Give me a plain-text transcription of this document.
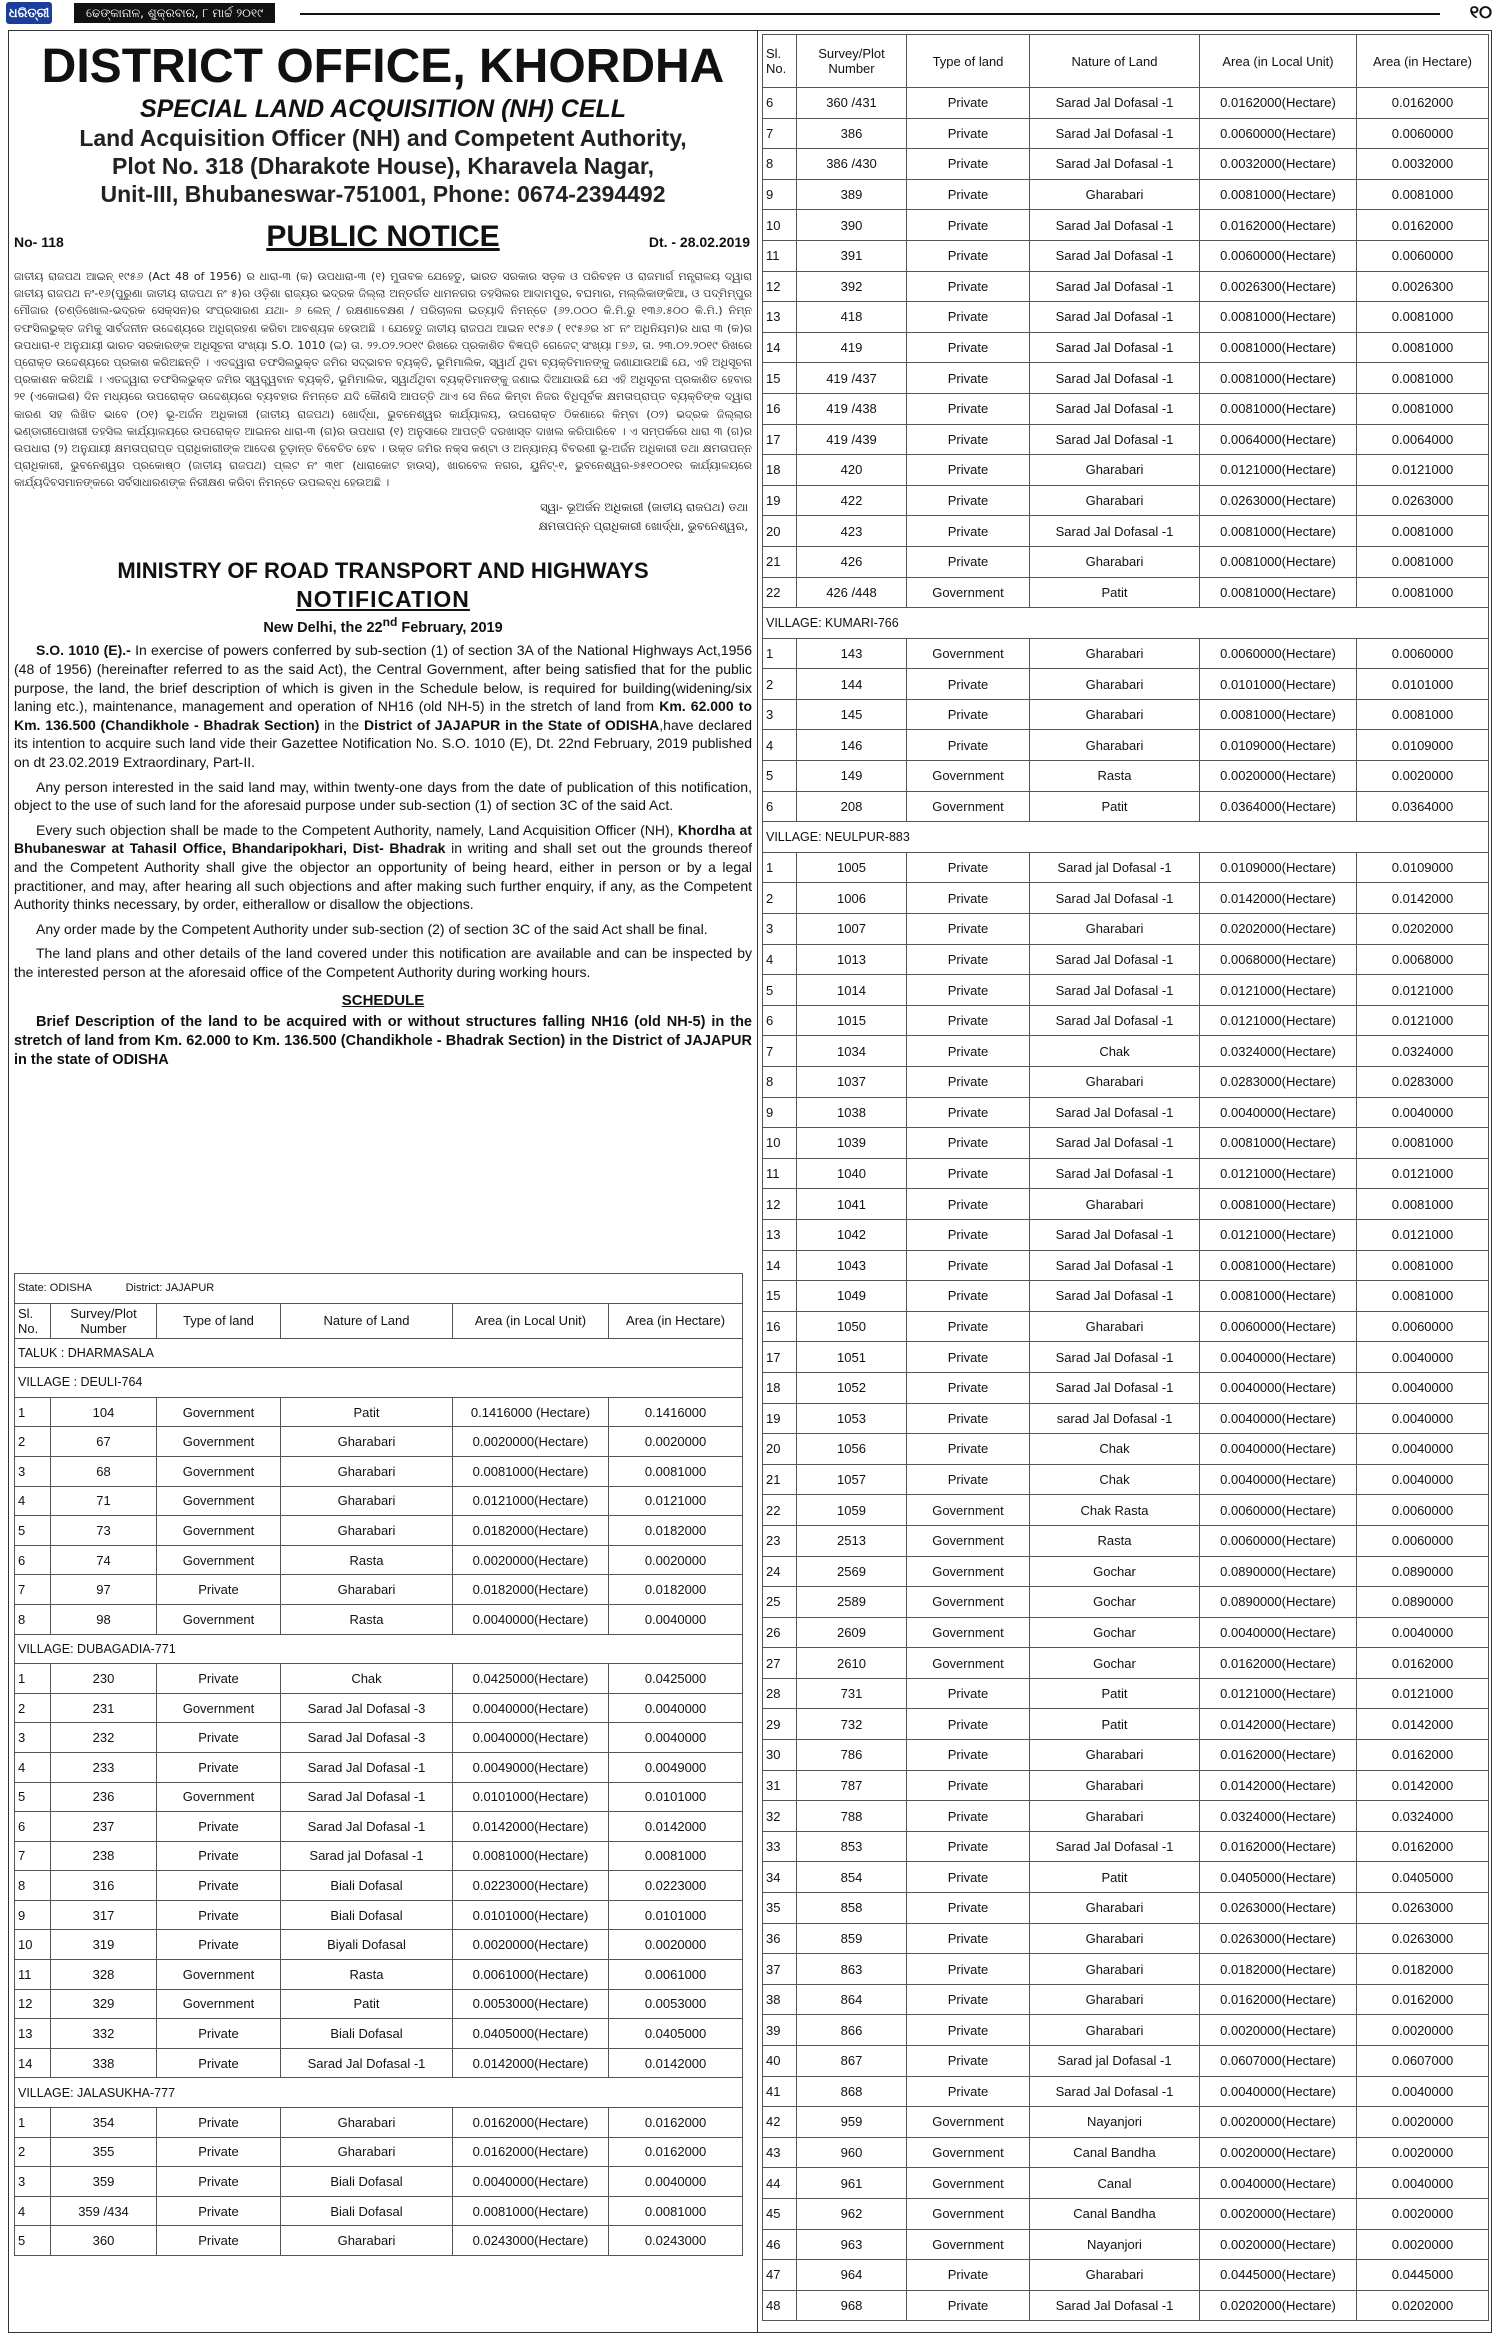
ଧରିତ୍ରୀ	ଢେଙ୍କାନାଳ, ଶୁକ୍ରବାର, ୮ ମାର୍ଚ୍ଚ ୨୦୧୯	୧୦
DISTRICT OFFICE, KHORDHA
SPECIAL LAND ACQUISITION (NH) CELL
Land Acquisition Officer (NH) and Competent Authority,
Plot No. 318 (Dharakote House), Kharavela Nagar,
Unit-III, Bhubaneswar-751001, Phone: 0674-2394492
No- 118	PUBLIC NOTICE	Dt. - 28.02.2019
ଜାତୀୟ ରାଜପଥ ଆଇନ୍ ୧୯୫୬ (Act 48 of 1956) ର ଧାରା-୩ (କ) ଉପଧାରା-୩ (୧) ମୁତାବକ ଯେହେତୁ, ଭାରତ ସରକାର ସଡ଼କ ଓ ପରିବହନ ଓ ରାଜମାର୍ଗ ମନ୍ତ୍ରାଳୟ ଦ୍ୱାରା ଜାତୀୟ ରାଜପଥ ନଂ-୧୬(ପୁରୁଣା ଜାତୀୟ ରାଜପଥ ନଂ ୫)ର ଓଡ଼ିଶା ରାଜ୍ୟର ଭଦ୍ରକ ଜିଲ୍ଲା ଅନ୍ତର୍ଗତ ଧାମନଗର ତହସିଲର ଆଦାମପୁର, ବଘମାର, ମଲ୍ଲିକାଙ୍କିଆ, ଓ ପଦ୍ମିମ୍ପୁର ମୌଜାର (ଚଣ୍ଡିଖୋଲ-ଭଦ୍ରକ ସେକ୍ସନ)ର ସଂପ୍ରସାରଣ ଯଥା- ୬ ଲେନ୍ / ରକ୍ଷଣାବେକ୍ଷଣ / ପରିଚାଳନା ଇତ୍ୟାଦି ନିମନ୍ତେ (୬୨.୦୦୦ କି.ମି.ରୁ ୧୩୬.୫୦୦ କି.ମି.) ନିମ୍ନ ତଫସିଲଭୁକ୍ତ ଜମିକୁ ସାର୍ବଜନୀନ ଉଦ୍ଦେଶ୍ୟରେ ଅଧିଗ୍ରହଣ କରିବା ଆବଶ୍ୟକ ହେଉଅଛି । ଯେହେତୁ ଜାତୀୟ ରାଜପଥ ଆଇନ ୧୯୫୬ ( ୧୯୫୬ର ୪୮ ନଂ ଅଧିନିୟମ)ର ଧାରା ୩ (କ)ର ଉପଧାରା-୧ ଅନୁଯାୟୀ ଭାରତ ସରକାରଙ୍କ ଅଧିସୂଚନା ସଂଖ୍ୟା S.O. 1010 (ଇ) ତା. ୨୨.୦୨.୨୦୧୯ ରିଖରେ ପ୍ରକାଶିତ ବିଜ୍ଞପ୍ତି ଗେଜେଟ୍ ସଂଖ୍ୟା ୮୭୬, ତା. ୨୩.୦୨.୨୦୧୯ ରିଖରେ ପ୍ରୋକ୍ତ ଉଦ୍ଦେଶ୍ୟରେ ପ୍ରକାଶ କରିଅଛନ୍ତି । ଏତଦ୍ଦ୍ୱାରା ତଫସିଲଭୁକ୍ତ ଜମିର ସଦ୍ଭାବନ ବ୍ୟକ୍ତି, ଭୂମିମାଲିକ, ସ୍ୱାର୍ଥ ଥିବା ବ୍ୟକ୍ତିମାନଙ୍କୁ ଜଣାଯାଉଅଛି ଯେ, ଏହି ଅଧିସୂଚନା ପ୍ରକାଶନ କରିଅଛି । ଏତଦ୍ଦ୍ୱାରା ତଫସିଲଭୁକ୍ତ ଜମିର ସ୍ୱତ୍ତ୍ୱବାନ ବ୍ୟକ୍ତି, ଭୂମିମାଲିକ, ସ୍ୱାର୍ଥଥିବା ବ୍ୟକ୍ତିମାନଙ୍କୁ ଜଣାଇ ଦିଆଯାଉଛି ଯେ ଏହି ଅଧିସୂଚନା ପ୍ରକାଶିତ ହେବାର ୨୧ (ଏକୋଇଶ) ଦିନ ମଧ୍ୟରେ ଉପରୋକ୍ତ ଉଦ୍ଦେଶ୍ୟରେ ବ୍ୟବହାର ନିମନ୍ତେ ଯଦି କୌଣସି ଆପତ୍ତି ଥାଏ ସେ ନିଜେ କିମ୍ବା ନିଜର ବିଧିପୂର୍ବକ କ୍ଷମତାପ୍ରାପ୍ତ ବ୍ୟକ୍ତିଙ୍କ ଦ୍ୱାରା କାରଣ ସହ ଲିଖିତ ଭାବେ (୦୧) ଭୂ-ଅର୍ଜନ ଅଧିକାରୀ (ଜାତୀୟ ରାଜପଥ) ଖୋର୍ଦ୍ଧା, ଭୁବନେଶ୍ୱର କାର୍ଯ୍ୟାଳୟ, ଉପରୋକ୍ତ ଠିକଣାରେ କିମ୍ବା (୦୨) ଭଦ୍ରକ ଜିଲ୍ଲାର ଭଣ୍ଡାରୀପୋଖରୀ ତହସିଲ କାର୍ଯ୍ୟାଳୟରେ ଉପରୋକ୍ତ ଆଇନର ଧାରା-୩ (ଗ)ର ଉପଧାରା (୧) ଅନୁସାରେ ଆପତ୍ତି ଦରଖାସ୍ତ ଦାଖଲ କରିପାରିବେ । ଏ ସମ୍ପର୍କରେ ଧାରା ୩ (ଗ)ର ଉପଧାରା (୨) ଅନୁଯାୟୀ କ୍ଷମତାପ୍ରାପ୍ତ ପ୍ରାଧିକାରୀଙ୍କ ଆଦେଶ ଚୂଡ଼ାନ୍ତ ବିବେଚିତ ହେବ । ଉକ୍ତ ଜମିର ନକ୍ସ କଣ୍ଟା ଓ ଅନ୍ୟାନ୍ୟ ବିବରଣୀ ଭୂ-ଅର୍ଜନ ଅଧିକାରୀ ତଥା କ୍ଷମତାପନ୍ନ ପ୍ରାଧିକାରୀ, ଭୁବନେଶ୍ୱର ପ୍ରକୋଷ୍ଠ (ଜାତୀୟ ରାଜପଥ) ପ୍ଲଟ ନଂ ୩୧୮ (ଧାରାକୋଟ ହାଉସ୍), ଖାରବେଳ ନଗର, ୟୁନିଟ୍-୧, ଭୁବନେଶ୍ୱର-୭୫୧୦୦୧ର କାର୍ଯ୍ୟାଳୟରେ କାର୍ଯ୍ୟଦିବସମାନଙ୍କରେ ସର୍ବସାଧାରଣଙ୍କ ନିରୀକ୍ଷଣ କରିବା ନିମନ୍ତେ ଉପଲବ୍ଧ ହେଉଅଛି ।
ସ୍ୱା- ଭୂଅର୍ଜନ ଅଧିକାରୀ (ଜାତୀୟ ରାଜପଥ) ତଥା
କ୍ଷମତାପନ୍ନ ପ୍ରାଧିକାରୀ ଖୋର୍ଦ୍ଧା, ଭୁବନେଶ୍ୱର,
MINISTRY OF ROAD TRANSPORT AND HIGHWAYS
NOTIFICATION
New Delhi, the 22nd February, 2019
S.O. 1010 (E).- In exercise of powers conferred by sub-section (1) of section 3A of the National Highways Act,1956 (48 of 1956) (hereinafter referred to as the said Act), the Central Government, after being satisfied that for the public purpose, the land, the brief description of which is given in the Schedule below, is required for building(widening/six laning etc.), maintenance, management and operation of NH16 (old NH-5) in the stretch of land from Km. 62.000 to Km. 136.500 (Chandikhole - Bhadrak Section) in the District of JAJAPUR in the State of ODISHA,have declared its intention to acquire such land vide their Gazettee Notification No. S.O. 1010 (E), Dt. 22nd February, 2019 published on dt 23.02.2019 Extraordinary, Part-II.
Any person interested in the said land may, within twenty-one days from the date of publication of this notification, object to the use of such land for the aforesaid purpose under sub-section (1) of section 3C of the said Act.
Every such objection shall be made to the Competent Authority, namely, Land Acquisition Officer (NH), Khordha at Bhubaneswar at Tahasil Office, Bhandaripokhari, Dist- Bhadrak in writing and shall set out the grounds thereof and the Competent Authority shall give the objector an opportunity of being heard, either in person or by a legal practitioner, and may, after hearing all such objections and after making such further enquiry, if any, as the Competent Authority thinks necessary, by order, eitherallow or disallow the objections.
Any order made by the Competent Authority under sub-section (2) of section 3C of the said Act shall be final.
The land plans and other details of the land covered under this notification are available and can be inspected by the interested person at the aforesaid office of the Competent Authority during working hours.
SCHEDULE
Brief Description of the land to be acquired with or without structures falling NH16 (old NH-5) in the stretch of land from Km. 62.000 to Km. 136.500 (Chandikhole - Bhadrak Section) in the District of JAJAPUR in the state of ODISHA
State: ODISHA District: JAJAPUR					
Sl. No.	Survey/Plot Number	Type of land	Nature of Land	Area (in Local Unit)	Area (in Hectare)
TALUK : DHARMASALA					
VILLAGE : DEULI-764					
1	104	Government	Patit	0.1416000 (Hectare)	0.1416000
2	67	Government	Gharabari	0.0020000(Hectare)	0.0020000
3	68	Government	Gharabari	0.0081000(Hectare)	0.0081000
4	71	Government	Gharabari	0.0121000(Hectare)	0.0121000
5	73	Government	Gharabari	0.0182000(Hectare)	0.0182000
6	74	Government	Rasta	0.0020000(Hectare)	0.0020000
7	97	Private	Gharabari	0.0182000(Hectare)	0.0182000
8	98	Government	Rasta	0.0040000(Hectare)	0.0040000
VILLAGE: DUBAGADIA-771					
1	230	Private	Chak	0.0425000(Hectare)	0.0425000
2	231	Government	Sarad Jal Dofasal -3	0.0040000(Hectare)	0.0040000
3	232	Private	Sarad Jal Dofasal -3	0.0040000(Hectare)	0.0040000
4	233	Private	Sarad Jal Dofasal -1	0.0049000(Hectare)	0.0049000
5	236	Government	Sarad Jal Dofasal -1	0.0101000(Hectare)	0.0101000
6	237	Private	Sarad Jal Dofasal -1	0.0142000(Hectare)	0.0142000
7	238	Private	Sarad jal Dofasal -1	0.0081000(Hectare)	0.0081000
8	316	Private	Biali Dofasal	0.0223000(Hectare)	0.0223000
9	317	Private	Biali Dofasal	0.0101000(Hectare)	0.0101000
10	319	Private	Biyali Dofasal	0.0020000(Hectare)	0.0020000
11	328	Government	Rasta	0.0061000(Hectare)	0.0061000
12	329	Government	Patit	0.0053000(Hectare)	0.0053000
13	332	Private	Biali Dofasal	0.0405000(Hectare)	0.0405000
14	338	Private	Sarad Jal Dofasal -1	0.0142000(Hectare)	0.0142000
VILLAGE: JALASUKHA-777					
1	354	Private	Gharabari	0.0162000(Hectare)	0.0162000
2	355	Private	Gharabari	0.0162000(Hectare)	0.0162000
3	359	Private	Biali Dofasal	0.0040000(Hectare)	0.0040000
4	359 /434	Private	Biali Dofasal	0.0081000(Hectare)	0.0081000
5	360	Private	Gharabari	0.0243000(Hectare)	0.0243000
Sl. No.	Survey/Plot Number	Type of land	Nature of Land	Area (in Local Unit)	Area (in Hectare)
6	360 /431	Private	Sarad Jal Dofasal -1	0.0162000(Hectare)	0.0162000
7	386	Private	Sarad Jal Dofasal -1	0.0060000(Hectare)	0.0060000
8	386 /430	Private	Sarad Jal Dofasal -1	0.0032000(Hectare)	0.0032000
9	389	Private	Gharabari	0.0081000(Hectare)	0.0081000
10	390	Private	Sarad Jal Dofasal -1	0.0162000(Hectare)	0.0162000
11	391	Private	Sarad Jal Dofasal -1	0.0060000(Hectare)	0.0060000
12	392	Private	Sarad Jal Dofasal -1	0.0026300(Hectare)	0.0026300
13	418	Private	Sarad Jal Dofasal -1	0.0081000(Hectare)	0.0081000
14	419	Private	Sarad Jal Dofasal -1	0.0081000(Hectare)	0.0081000
15	419 /437	Private	Sarad Jal Dofasal -1	0.0081000(Hectare)	0.0081000
16	419 /438	Private	Sarad Jal Dofasal -1	0.0081000(Hectare)	0.0081000
17	419 /439	Private	Sarad Jal Dofasal -1	0.0064000(Hectare)	0.0064000
18	420	Private	Gharabari	0.0121000(Hectare)	0.0121000
19	422	Private	Gharabari	0.0263000(Hectare)	0.0263000
20	423	Private	Sarad Jal Dofasal -1	0.0081000(Hectare)	0.0081000
21	426	Private	Gharabari	0.0081000(Hectare)	0.0081000
22	426 /448	Government	Patit	0.0081000(Hectare)	0.0081000
VILLAGE: KUMARI-766					
1	143	Government	Gharabari	0.0060000(Hectare)	0.0060000
2	144	Private	Gharabari	0.0101000(Hectare)	0.0101000
3	145	Private	Gharabari	0.0081000(Hectare)	0.0081000
4	146	Private	Gharabari	0.0109000(Hectare)	0.0109000
5	149	Government	Rasta	0.0020000(Hectare)	0.0020000
6	208	Government	Patit	0.0364000(Hectare)	0.0364000
VILLAGE: NEULPUR-883					
1	1005	Private	Sarad jal Dofasal -1	0.0109000(Hectare)	0.0109000
2	1006	Private	Sarad Jal Dofasal -1	0.0142000(Hectare)	0.0142000
3	1007	Private	Gharabari	0.0202000(Hectare)	0.0202000
4	1013	Private	Sarad Jal Dofasal -1	0.0068000(Hectare)	0.0068000
5	1014	Private	Sarad Jal Dofasal -1	0.0121000(Hectare)	0.0121000
6	1015	Private	Sarad Jal Dofasal -1	0.0121000(Hectare)	0.0121000
7	1034	Private	Chak	0.0324000(Hectare)	0.0324000
8	1037	Private	Gharabari	0.0283000(Hectare)	0.0283000
9	1038	Private	Sarad Jal Dofasal -1	0.0040000(Hectare)	0.0040000
10	1039	Private	Sarad Jal Dofasal -1	0.0081000(Hectare)	0.0081000
11	1040	Private	Sarad Jal Dofasal -1	0.0121000(Hectare)	0.0121000
12	1041	Private	Gharabari	0.0081000(Hectare)	0.0081000
13	1042	Private	Sarad Jal Dofasal -1	0.0121000(Hectare)	0.0121000
14	1043	Private	Sarad Jal Dofasal -1	0.0081000(Hectare)	0.0081000
15	1049	Private	Sarad Jal Dofasal -1	0.0081000(Hectare)	0.0081000
16	1050	Private	Gharabari	0.0060000(Hectare)	0.0060000
17	1051	Private	Sarad Jal Dofasal -1	0.0040000(Hectare)	0.0040000
18	1052	Private	Sarad Jal Dofasal -1	0.0040000(Hectare)	0.0040000
19	1053	Private	sarad Jal Dofasal -1	0.0040000(Hectare)	0.0040000
20	1056	Private	Chak	0.0040000(Hectare)	0.0040000
21	1057	Private	Chak	0.0040000(Hectare)	0.0040000
22	1059	Government	Chak Rasta	0.0060000(Hectare)	0.0060000
23	2513	Government	Rasta	0.0060000(Hectare)	0.0060000
24	2569	Government	Gochar	0.0890000(Hectare)	0.0890000
25	2589	Government	Gochar	0.0890000(Hectare)	0.0890000
26	2609	Government	Gochar	0.0040000(Hectare)	0.0040000
27	2610	Government	Gochar	0.0162000(Hectare)	0.0162000
28	731	Private	Patit	0.0121000(Hectare)	0.0121000
29	732	Private	Patit	0.0142000(Hectare)	0.0142000
30	786	Private	Gharabari	0.0162000(Hectare)	0.0162000
31	787	Private	Gharabari	0.0142000(Hectare)	0.0142000
32	788	Private	Gharabari	0.0324000(Hectare)	0.0324000
33	853	Private	Sarad Jal Dofasal -1	0.0162000(Hectare)	0.0162000
34	854	Private	Patit	0.0405000(Hectare)	0.0405000
35	858	Private	Gharabari	0.0263000(Hectare)	0.0263000
36	859	Private	Gharabari	0.0263000(Hectare)	0.0263000
37	863	Private	Gharabari	0.0182000(Hectare)	0.0182000
38	864	Private	Gharabari	0.0162000(Hectare)	0.0162000
39	866	Private	Gharabari	0.0020000(Hectare)	0.0020000
40	867	Private	Sarad jal Dofasal -1	0.0607000(Hectare)	0.0607000
41	868	Private	Sarad Jal Dofasal -1	0.0040000(Hectare)	0.0040000
42	959	Government	Nayanjori	0.0020000(Hectare)	0.0020000
43	960	Government	Canal Bandha	0.0020000(Hectare)	0.0020000
44	961	Government	Canal	0.0040000(Hectare)	0.0040000
45	962	Government	Canal Bandha	0.0020000(Hectare)	0.0020000
46	963	Government	Nayanjori	0.0020000(Hectare)	0.0020000
47	964	Private	Gharabari	0.0445000(Hectare)	0.0445000
48	968	Private	Sarad Jal Dofasal -1	0.0202000(Hectare)	0.0202000
